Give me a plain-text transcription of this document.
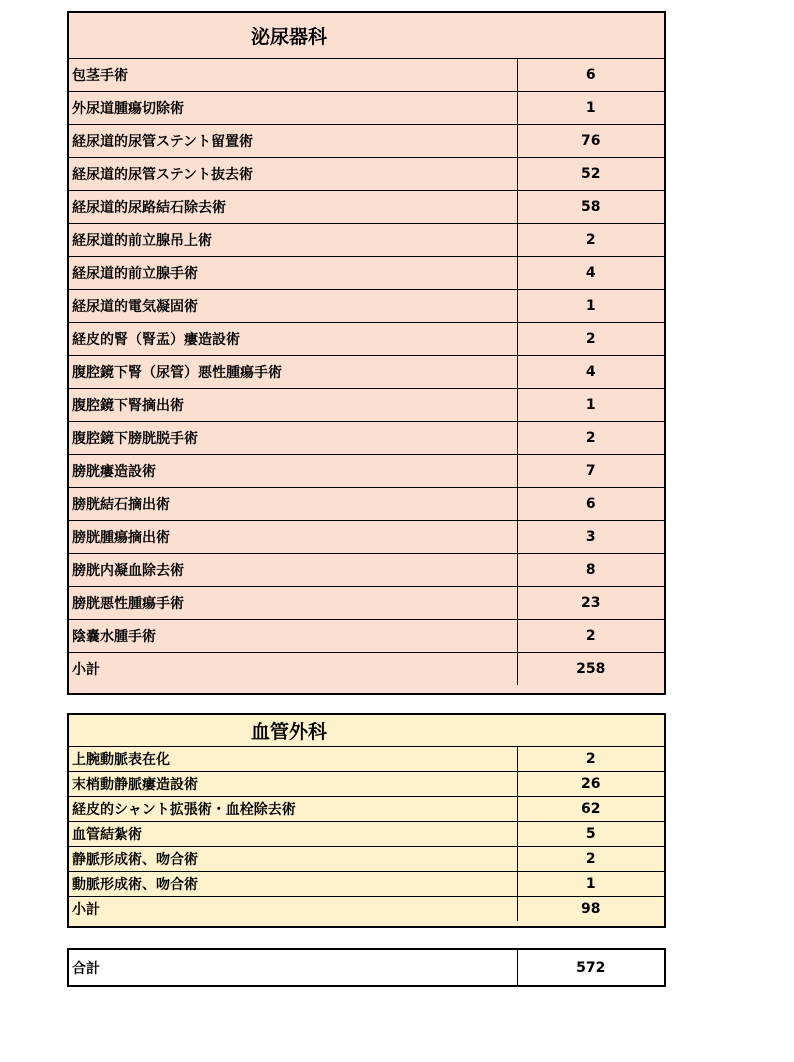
泌尿器科	
包茎手術	6
外尿道腫瘍切除術	1
経尿道的尿管ステント留置術	76
経尿道的尿管ステント抜去術	52
経尿道的尿路結石除去術	58
経尿道的前立腺吊上術	2
経尿道的前立腺手術	4
経尿道的電気凝固術	1
経皮的腎（腎盂）瘻造設術	2
腹腔鏡下腎（尿管）悪性腫瘍手術	4
腹腔鏡下腎摘出術	1
腹腔鏡下膀胱脱手術	2
膀胱瘻造設術	7
膀胱結石摘出術	6
膀胱腫瘍摘出術	3
膀胱内凝血除去術	8
膀胱悪性腫瘍手術	23
陰嚢水腫手術	2
小計	258
血管外科	
上腕動脈表在化	2
末梢動静脈瘻造設術	26
経皮的シャント拡張術・血栓除去術	62
血管結紮術	5
静脈形成術、吻合術	2
動脈形成術、吻合術	1
小計	98
合計	572
